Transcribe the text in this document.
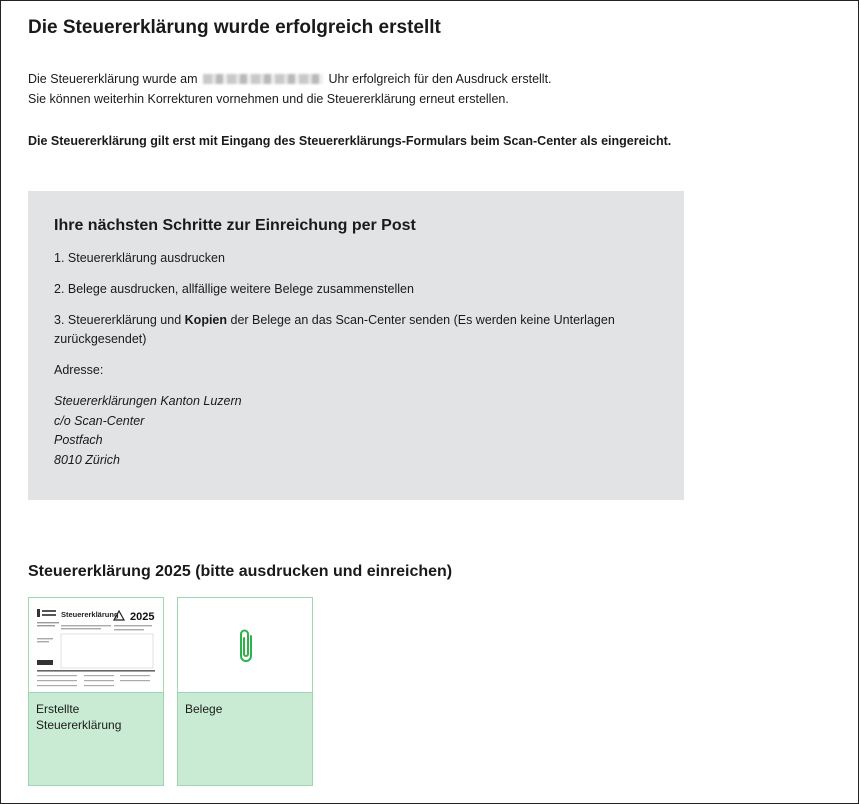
Die Steuererklärung wurde erfolgreich erstellt
Die Steuererklärung wurde am	Uhr erfolgreich für den Ausdruck erstellt.
Sie können weiterhin Korrekturen vornehmen und die Steuererklärung erneut erstellen.
Die Steuererklärung gilt erst mit Eingang des Steuererklärungs-Formulars beim Scan-Center als eingereicht.
Ihre nächsten Schritte zur Einreichung per Post

1. Steuererklärung ausdrucken

2. Belege ausdrucken, allfällige weitere Belege zusammenstellen

3. Steuererklärung und Kopien der Belege an das Scan-Center senden (Es werden keine Unterlagen zurückgesendet)

Adresse:

Steuererklärungen Kanton Luzern
c/o Scan-Center
Postfach
8010 Zürich
Steuererklärung 2025 (bitte ausdrucken und einreichen)
Steuererklärung 2025
Erstellte
Steuererklärung
Belege
